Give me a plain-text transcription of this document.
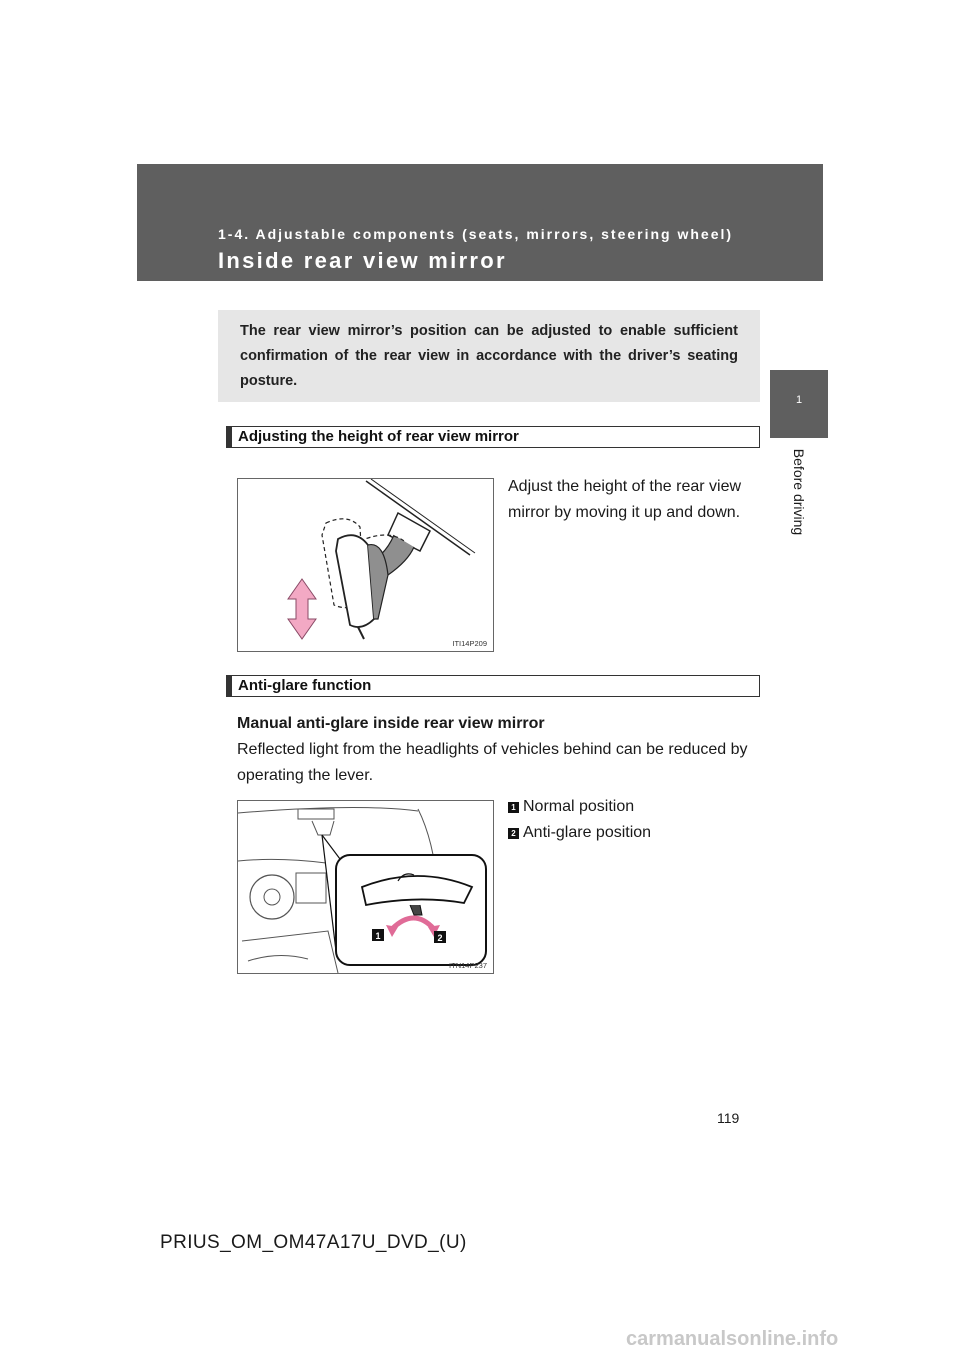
1-4. Adjustable components (seats, mirrors, steering wheel)
Inside rear view mirror
1
Before driving
The rear view mirror’s position can be adjusted to enable sufficient confirmation of the rear view in accordance with the driver’s seating posture.
Adjusting the height of rear view mirror
ITI14P209
Adjust the height of the rear view mirror by moving it up and down.
Anti-glare function
Manual anti-glare inside rear view mirror
Reflected light from the headlights of vehicles behind can be reduced by operating the lever.
1	2
ITN14P237
1 Normal position
2 Anti-glare position
119
PRIUS_OM_OM47A17U_DVD_(U)
carmanualsonline.info
